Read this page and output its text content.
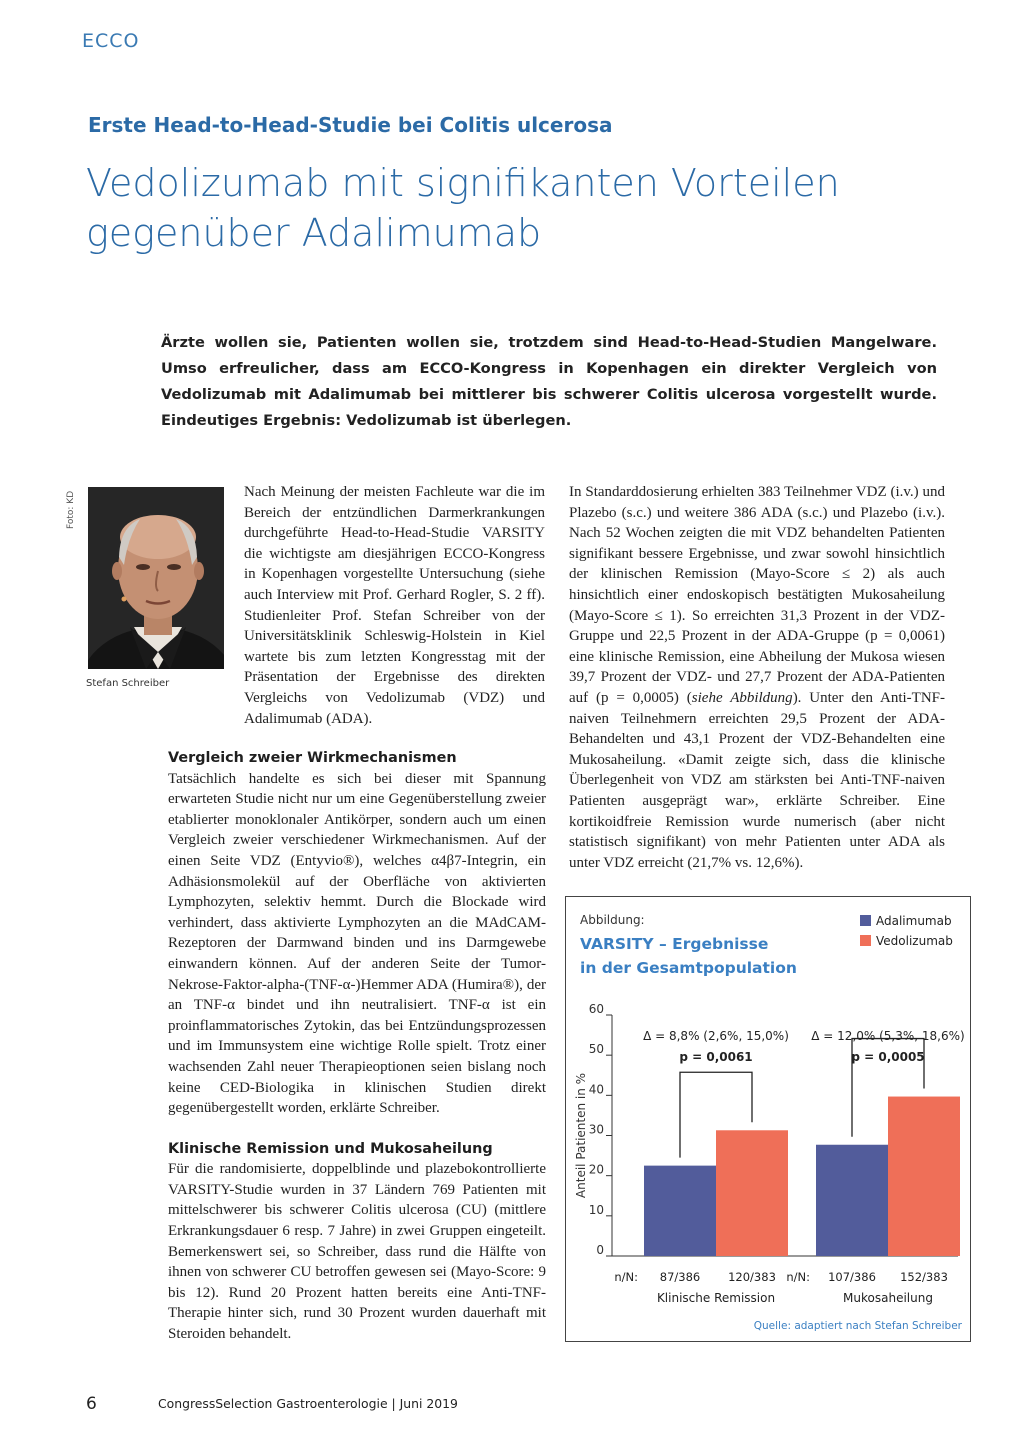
ECCO
Erste Head-to-Head-Studie bei Colitis ulcerosa
Vedolizumab mit signifikanten Vorteilen gegenüber Adalimumab
Ärzte wollen sie, Patienten wollen sie, trotzdem sind Head-to-Head-Studien Mangelware. Umso erfreulicher, dass am ECCO-Kongress in Kopenhagen ein direkter Vergleich von Vedolizumab mit Adalimumab bei mittlerer bis schwerer Colitis ulcerosa vorgestellt wurde. Eindeutiges Ergebnis: Vedolizumab ist überlegen.
Foto: KD
Stefan Schreiber

Nach Meinung der meisten Fachleute war die im Bereich der entzündlichen Darmerkrankungen durchgeführte Head-to-Head-Studie VARSITY die wichtigste am diesjährigen ECCO-Kongress in Kopenhagen vorgestellte Untersuchung (siehe auch Interview mit Prof. Gerhard Rogler, S. 2 ff). Studienleiter Prof. Stefan Schreiber von der Universitätsklinik Schleswig-Holstein in Kiel wartete bis zum letzten Kongresstag mit der Präsentation der Ergebnisse des direkten Vergleichs von Vedolizumab (VDZ) und Adalimumab (ADA).

Vergleich zweier Wirkmechanismen

Tatsächlich handelte es sich bei dieser mit Spannung erwarteten Studie nicht nur um eine Gegenüberstellung zweier etablierter monoklonaler Antikörper, sondern auch um einen Vergleich zweier verschiedener Wirkmechanismen. Auf der einen Seite VDZ (Entyvio®), welches α4β7-Integrin, ein Adhäsionsmolekül auf der Oberfläche von aktivierten Lymphozyten, selektiv hemmt. Durch die Blockade wird verhindert, dass aktivierte Lymphozyten an die MAdCAM-Rezeptoren der Darmwand binden und ins Darmgewebe einwandern können. Auf der anderen Seite der Tumor-Nekrose-Faktor-alpha-(TNF-α-)Hemmer ADA (Humira®), der an TNF-α bindet und ihn neutralisiert. TNF-α ist ein proinflammatorisches Zytokin, das bei Entzündungsprozessen und im Immunsystem eine wichtige Rolle spielt. Trotz einer wachsenden Zahl neuer Therapieoptionen seien bislang noch keine CED-Biologika in klinischen Studien direkt gegenübergestellt worden, erklärte Schreiber.

Klinische Remission und Mukosaheilung

Für die randomisierte, doppelblinde und plazebokontrollierte VARSITY-Studie wurden in 37 Ländern 769 Patienten mit mittelschwerer bis schwerer Colitis ulcerosa (CU) (mittlere Erkrankungsdauer 6 resp. 7 Jahre) in zwei Gruppen eingeteilt. Bemerkenswert sei, so Schreiber, dass rund die Hälfte von ihnen von schwerer CU betroffen gewesen sei (Mayo-Score: 9 bis 12). Rund 20 Prozent hatten bereits eine Anti-TNF-Therapie hinter sich, rund 30 Prozent wurden dauerhaft mit Steroiden behandelt.

In Standarddosierung erhielten 383 Teilnehmer VDZ (i.v.) und Plazebo (s.c.) und weitere 386 ADA (s.c.) und Plazebo (i.v.). Nach 52 Wochen zeigten die mit VDZ behandelten Patienten signifikant bessere Ergebnisse, und zwar sowohl hinsichtlich der klinischen Remission (Mayo-Score ≤ 2) als auch hinsichtlich einer endoskopisch bestätigten Mukosaheilung (Mayo-Score ≤ 1). So erreichten 31,3 Prozent in der VDZ-Gruppe und 22,5 Prozent in der ADA-Gruppe (p = 0,0061) eine klinische Remission, eine Abheilung der Mukosa wiesen 39,7 Prozent der VDZ- und 27,7 Prozent der ADA-Patienten auf (p = 0,0005) (siehe Abbildung). Unter den Anti-TNF-naiven Teilnehmern erreichten 29,5 Prozent der ADA-Behandelten und 43,1 Prozent der VDZ-Behandelten eine Mukosaheilung. «Damit zeigte sich, dass die klinische Überlegenheit von VDZ am stärksten bei Anti-TNF-naiven Patienten ausgeprägt war», erklärte Schreiber. Eine kortikoidfreie Remission wurde numerisch (aber nicht statistisch signifikant) von mehr Patienten unter ADA als unter VDZ erreicht (21,7% vs. 12,6%).

Abbildung:
VARSITY – Ergebnisse
in der Gesamtpopulation
Adalimumab
Vedolizumab
0
10
20
30
40
50
60
Anteil Patienten in %
87/386 120/383
n/N:
Klinische Remission
Δ = 8,8% (2,6%, 15,0%)
p = 0,0061
107/386 152/383
n/N:
Mukosaheilung
Δ = 12,0% (5,3%, 18,6%)
p = 0,0005
Quelle: adaptiert nach Stefan Schreiber
6	CongressSelection Gastroenterologie | Juni 2019
